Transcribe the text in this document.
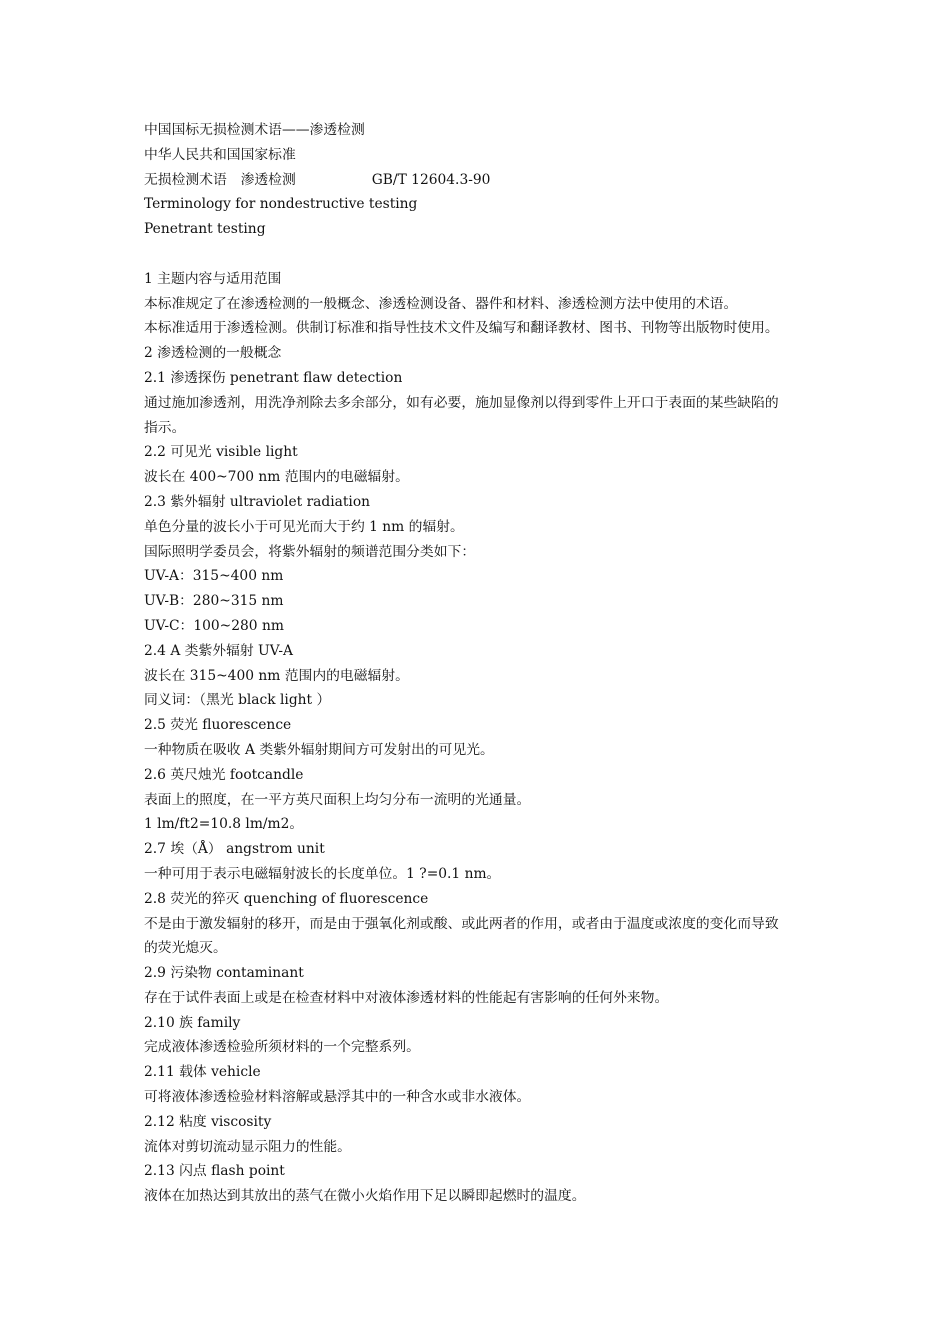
中国国标无损检测术语——渗透检测
中华人民共和国国家标准
无损检测术语　渗透检测	GB/T 12604.3-90
Terminology for nondestructive testing
Penetrant testing
1 主题内容与适用范围
本标准规定了在渗透检测的一般概念、渗透检测设备、器件和材料、渗透检测方法中使用的术语。
本标准适用于渗透检测。供制订标准和指导性技术文件及编写和翻译教材、图书、刊物等出版物时使用。
2 渗透检测的一般概念
2.1 渗透探伤 penetrant flaw detection
通过施加渗透剂，用洗净剂除去多余部分，如有必要，施加显像剂以得到零件上开口于表面的某些缺陷的
指示。
2.2 可见光 visible light
波长在 400~700 nm 范围内的电磁辐射。
2.3 紫外辐射 ultraviolet radiation
单色分量的波长小于可见光而大于约 1 nm 的辐射。
国际照明学委员会，将紫外辐射的频谱范围分类如下：
UV-A：315~400 nm
UV-B：280~315 nm
UV-C：100~280 nm
2.4 A 类紫外辐射 UV-A
波长在 315~400 nm 范围内的电磁辐射。
同义词：（黑光 black light ）
2.5 荧光 fluorescence
一种物质在吸收 A 类紫外辐射期间方可发射出的可见光。
2.6 英尺烛光 footcandle
表面上的照度，在一平方英尺面积上均匀分布一流明的光通量。
1 lm/ft2=10.8 lm/m2。
2.7 埃（Å） angstrom unit
一种可用于表示电磁辐射波长的长度单位。1 ?=0.1 nm。
2.8 荧光的猝灭 quenching of fluorescence
不是由于激发辐射的移开，而是由于强氧化剂或酸、或此两者的作用，或者由于温度或浓度的变化而导致
的荧光熄灭。
2.9 污染物 contaminant
存在于试件表面上或是在检查材料中对液体渗透材料的性能起有害影响的任何外来物。
2.10 族 family
完成液体渗透检验所须材料的一个完整系列。
2.11 载体 vehicle
可将液体渗透检验材料溶解或悬浮其中的一种含水或非水液体。
2.12 粘度 viscosity
流体对剪切流动显示阻力的性能。
2.13 闪点 flash point
液体在加热达到其放出的蒸气在微小火焰作用下足以瞬即起燃时的温度。
